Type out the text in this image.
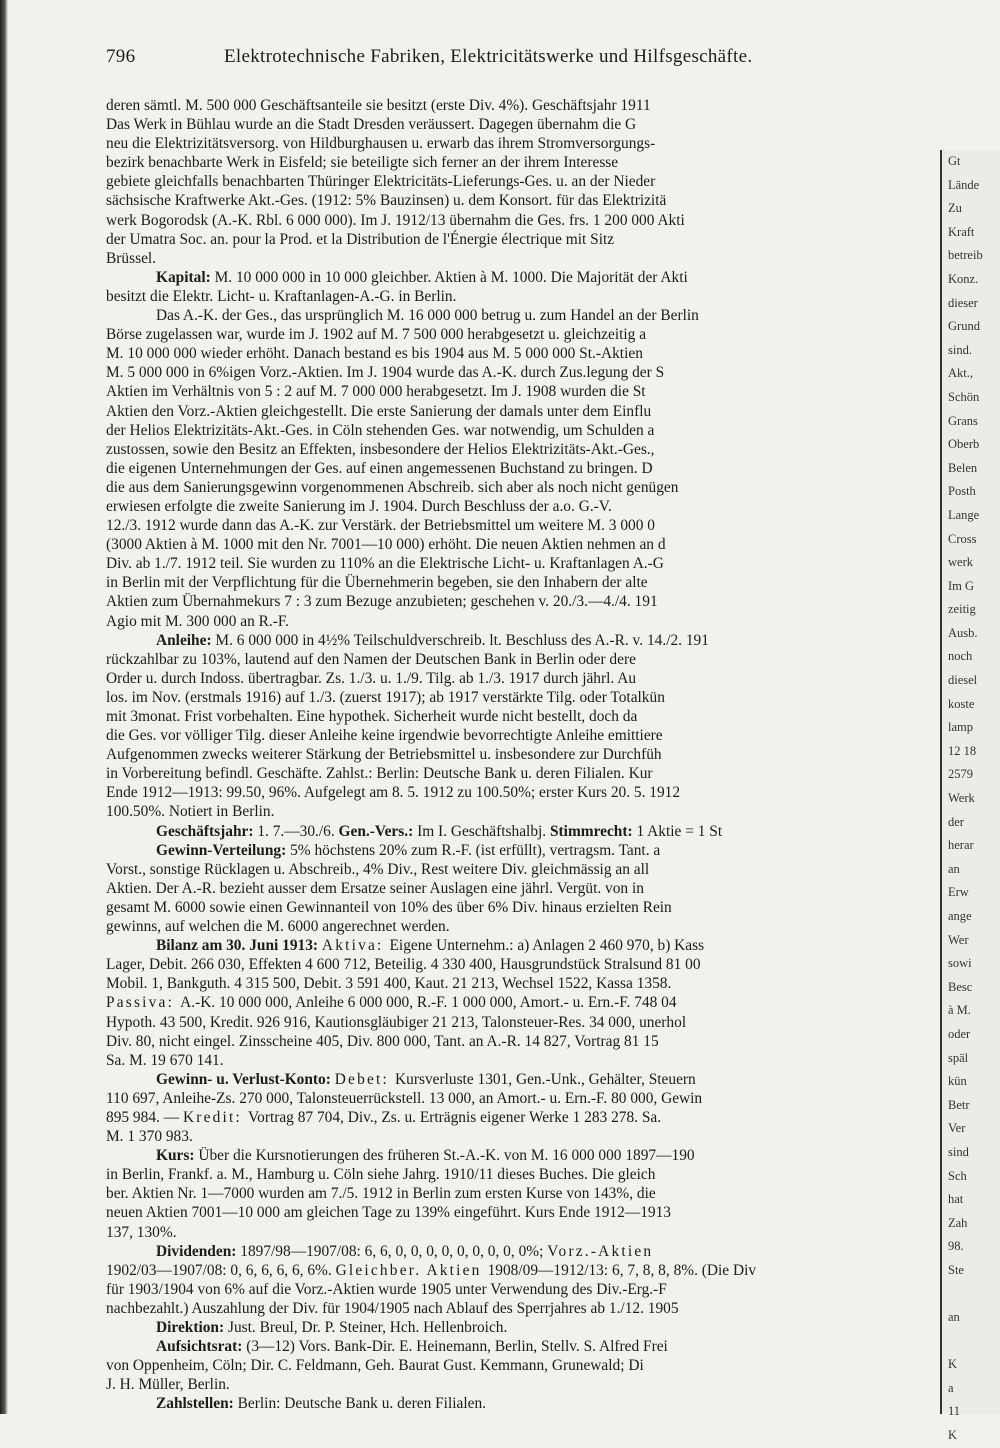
796	Elektrotechnische Fabriken, Elektricitätswerke und Hilfsgeschäfte.
deren sämtl. M. 500 000 Geschäftsanteile sie besitzt (erste Div. 4%). Geschäftsjahr 1911
Das Werk in Bühlau wurde an die Stadt Dresden veräussert. Dagegen übernahm die G
neu die Elektrizitätsversorg. von Hildburghausen u. erwarb das ihrem Stromversorgungs-
bezirk benachbarte Werk in Eisfeld; sie beteiligte sich ferner an der ihrem Interesse
gebiete gleichfalls benachbarten Thüringer Elektricitäts-Lieferungs-Ges. u. an der Nieder
sächsische Kraftwerke Akt.-Ges. (1912: 5% Bauzinsen) u. dem Konsort. für das Elektrizitä
werk Bogorodsk (A.-K. Rbl. 6 000 000). Im J. 1912/13 übernahm die Ges. frs. 1 200 000 Akti
der Umatra Soc. an. pour la Prod. et la Distribution de l'Énergie électrique mit Sitz
Brüssel.
Kapital: M. 10 000 000 in 10 000 gleichber. Aktien à M. 1000. Die Majorität der Akti
besitzt die Elektr. Licht- u. Kraftanlagen-A.-G. in Berlin.
Das A.-K. der Ges., das ursprünglich M. 16 000 000 betrug u. zum Handel an der Berlin
Börse zugelassen war, wurde im J. 1902 auf M. 7 500 000 herabgesetzt u. gleichzeitig a
M. 10 000 000 wieder erhöht. Danach bestand es bis 1904 aus M. 5 000 000 St.-Aktien
M. 5 000 000 in 6%igen Vorz.-Aktien. Im J. 1904 wurde das A.-K. durch Zus.legung der S
Aktien im Verhältnis von 5 : 2 auf M. 7 000 000 herabgesetzt. Im J. 1908 wurden die St
Aktien den Vorz.-Aktien gleichgestellt. Die erste Sanierung der damals unter dem Einflu
der Helios Elektrizitäts-Akt.-Ges. in Cöln stehenden Ges. war notwendig, um Schulden a
zustossen, sowie den Besitz an Effekten, insbesondere der Helios Elektrizitäts-Akt.-Ges.,
die eigenen Unternehmungen der Ges. auf einen angemessenen Buchstand zu bringen. D
die aus dem Sanierungsgewinn vorgenommenen Abschreib. sich aber als noch nicht genügen
erwiesen erfolgte die zweite Sanierung im J. 1904. Durch Beschluss der a.o. G.-V.
12./3. 1912 wurde dann das A.-K. zur Verstärk. der Betriebsmittel um weitere M. 3 000 0
(3000 Aktien à M. 1000 mit den Nr. 7001—10 000) erhöht. Die neuen Aktien nehmen an d
Div. ab 1./7. 1912 teil. Sie wurden zu 110% an die Elektrische Licht- u. Kraftanlagen A.-G
in Berlin mit der Verpflichtung für die Übernehmerin begeben, sie den Inhabern der alte
Aktien zum Übernahmekurs 7 : 3 zum Bezuge anzubieten; geschehen v. 20./3.—4./4. 191
Agio mit M. 300 000 an R.-F.
Anleihe: M. 6 000 000 in 4½% Teilschuldverschreib. lt. Beschluss des A.-R. v. 14./2. 191
rückzahlbar zu 103%, lautend auf den Namen der Deutschen Bank in Berlin oder dere
Order u. durch Indoss. übertragbar. Zs. 1./3. u. 1./9. Tilg. ab 1./3. 1917 durch jährl. Au
los. im Nov. (erstmals 1916) auf 1./3. (zuerst 1917); ab 1917 verstärkte Tilg. oder Totalkün
mit 3monat. Frist vorbehalten. Eine hypothek. Sicherheit wurde nicht bestellt, doch da
die Ges. vor völliger Tilg. dieser Anleihe keine irgendwie bevorrechtigte Anleihe emittiere
Aufgenommen zwecks weiterer Stärkung der Betriebsmittel u. insbesondere zur Durchfüh
in Vorbereitung befindl. Geschäfte. Zahlst.: Berlin: Deutsche Bank u. deren Filialen. Kur
Ende 1912—1913: 99.50, 96%. Aufgelegt am 8. 5. 1912 zu 100.50%; erster Kurs 20. 5. 1912
100.50%. Notiert in Berlin.
Geschäftsjahr: 1. 7.—30./6. Gen.-Vers.: Im I. Geschäftshalbj. Stimmrecht: 1 Aktie = 1 St
Gewinn-Verteilung: 5% höchstens 20% zum R.-F. (ist erfüllt), vertragsm. Tant. a
Vorst., sonstige Rücklagen u. Abschreib., 4% Div., Rest weitere Div. gleichmässig an all
Aktien. Der A.-R. bezieht ausser dem Ersatze seiner Auslagen eine jährl. Vergüt. von in
gesamt M. 6000 sowie einen Gewinnanteil von 10% des über 6% Div. hinaus erzielten Rein
gewinns, auf welchen die M. 6000 angerechnet werden.
Bilanz am 30. Juni 1913: Aktiva: Eigene Unternehm.: a) Anlagen 2 460 970, b) Kass
Lager, Debit. 266 030, Effekten 4 600 712, Beteilig. 4 330 400, Hausgrundstück Stralsund 81 00
Mobil. 1, Bankguth. 4 315 500, Debit. 3 591 400, Kaut. 21 213, Wechsel 1522, Kassa 1358.
Passiva: A.-K. 10 000 000, Anleihe 6 000 000, R.-F. 1 000 000, Amort.- u. Ern.-F. 748 04
Hypoth. 43 500, Kredit. 926 916, Kautionsgläubiger 21 213, Talonsteuer-Res. 34 000, unerhol
Div. 80, nicht eingel. Zinsscheine 405, Div. 800 000, Tant. an A.-R. 14 827, Vortrag 81 15
Sa. M. 19 670 141.
Gewinn- u. Verlust-Konto: Debet: Kursverluste 1301, Gen.-Unk., Gehälter, Steuern
110 697, Anleihe-Zs. 270 000, Talonsteuerrückstell. 13 000, an Amort.- u. Ern.-F. 80 000, Gewin
895 984. — Kredit: Vortrag 87 704, Div., Zs. u. Erträgnis eigener Werke 1 283 278. Sa.
M. 1 370 983.
Kurs: Über die Kursnotierungen des früheren St.-A.-K. von M. 16 000 000 1897—190
in Berlin, Frankf. a. M., Hamburg u. Cöln siehe Jahrg. 1910/11 dieses Buches. Die gleich
ber. Aktien Nr. 1—7000 wurden am 7./5. 1912 in Berlin zum ersten Kurse von 143%, die
neuen Aktien 7001—10 000 am gleichen Tage zu 139% eingeführt. Kurs Ende 1912—1913
137, 130%.
Dividenden: 1897/98—1907/08: 6, 6, 0, 0, 0, 0, 0, 0, 0, 0, 0%; Vorz.-Aktien
1902/03—1907/08: 0, 6, 6, 6, 6, 6%. Gleichber. Aktien 1908/09—1912/13: 6, 7, 8, 8, 8%. (Die Div
für 1903/1904 von 6% auf die Vorz.-Aktien wurde 1905 unter Verwendung des Div.-Erg.-F
nachbezahlt.) Auszahlung der Div. für 1904/1905 nach Ablauf des Sperrjahres ab 1./12. 1905
Direktion: Just. Breul, Dr. P. Steiner, Hch. Hellenbroich.
Aufsichtsrat: (3—12) Vors. Bank-Dir. E. Heinemann, Berlin, Stellv. S. Alfred Frei
von Oppenheim, Cöln; Dir. C. Feldmann, Geh. Baurat Gust. Kemmann, Grunewald; Di
J. H. Müller, Berlin.
Zahlstellen: Berlin: Deutsche Bank u. deren Filialen.
Gt
Lände
Zu
Kraft
betreib
Konz.
dieser
Grund
sind.
Akt.,
Schön
Grans
Oberb
Belen
Posth
Lange
Cross
werk
Im G
zeitig
Ausb.
noch
diesel
koste
lamp
12 18
2579
Werk
der
herar
an
Erw
ange
Wer
sowi
Besc
à M.
oder
späl
kün
Betr
Ver
sind
Sch
hat
Zah
98.
Ste

an

K
a
11
K
